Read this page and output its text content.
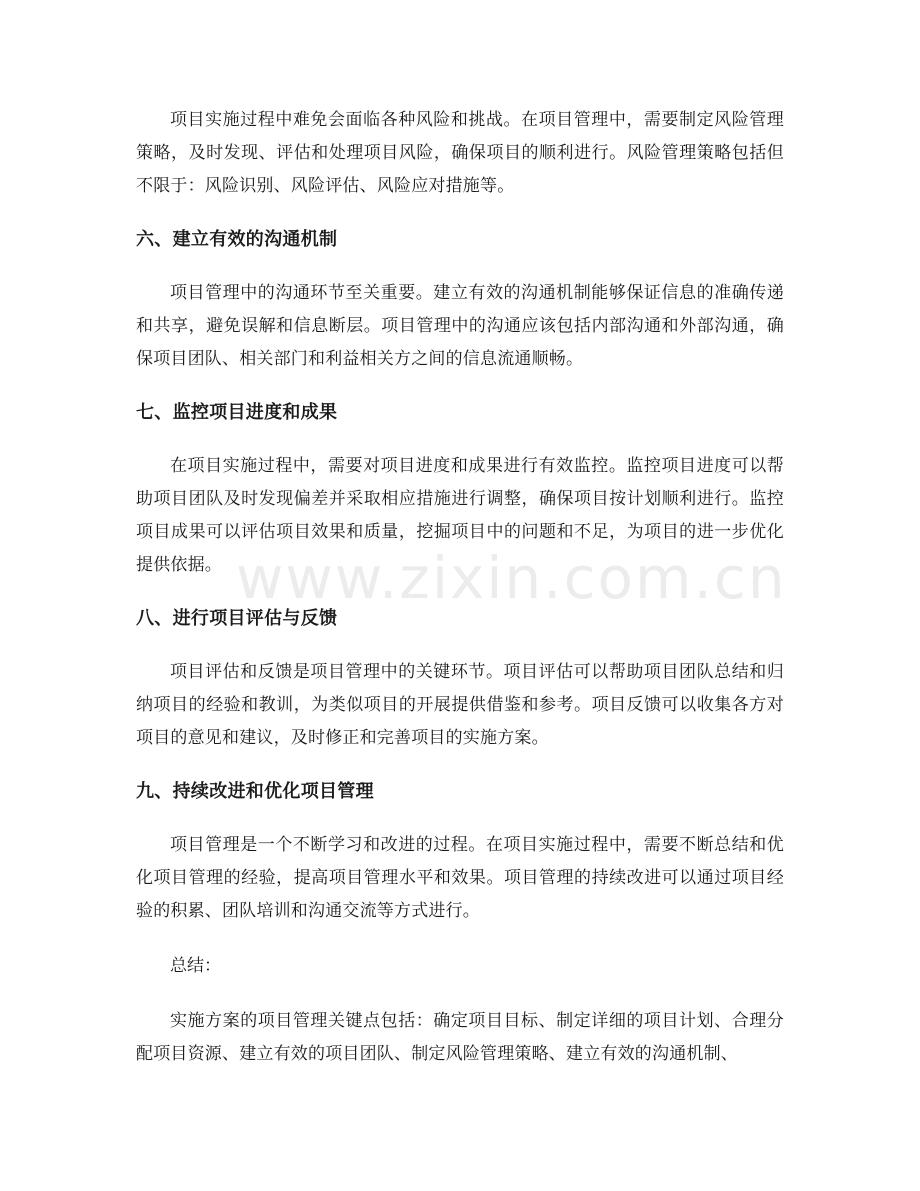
项目实施过程中难免会面临各种风险和挑战。在项目管理中，需要制定风险管理策略，及时发现、评估和处理项目风险，确保项目的顺利进行。风险管理策略包括但不限于：风险识别、风险评估、风险应对措施等。

六、建立有效的沟通机制

项目管理中的沟通环节至关重要。建立有效的沟通机制能够保证信息的准确传递和共享，避免误解和信息断层。项目管理中的沟通应该包括内部沟通和外部沟通，确保项目团队、相关部门和利益相关方之间的信息流通顺畅。

七、监控项目进度和成果

在项目实施过程中，需要对项目进度和成果进行有效监控。监控项目进度可以帮助项目团队及时发现偏差并采取相应措施进行调整，确保项目按计划顺利进行。监控项目成果可以评估项目效果和质量，挖掘项目中的问题和不足，为项目的进一步优化提供依据。

八、进行项目评估与反馈

项目评估和反馈是项目管理中的关键环节。项目评估可以帮助项目团队总结和归纳项目的经验和教训，为类似项目的开展提供借鉴和参考。项目反馈可以收集各方对项目的意见和建议，及时修正和完善项目的实施方案。

九、持续改进和优化项目管理

项目管理是一个不断学习和改进的过程。在项目实施过程中，需要不断总结和优化项目管理的经验，提高项目管理水平和效果。项目管理的持续改进可以通过项目经验的积累、团队培训和沟通交流等方式进行。

总结：

实施方案的项目管理关键点包括：确定项目目标、制定详细的项目计划、合理分配项目资源、建立有效的项目团队、制定风险管理策略、建立有效的沟通机制、

www.zixin.com.cn
